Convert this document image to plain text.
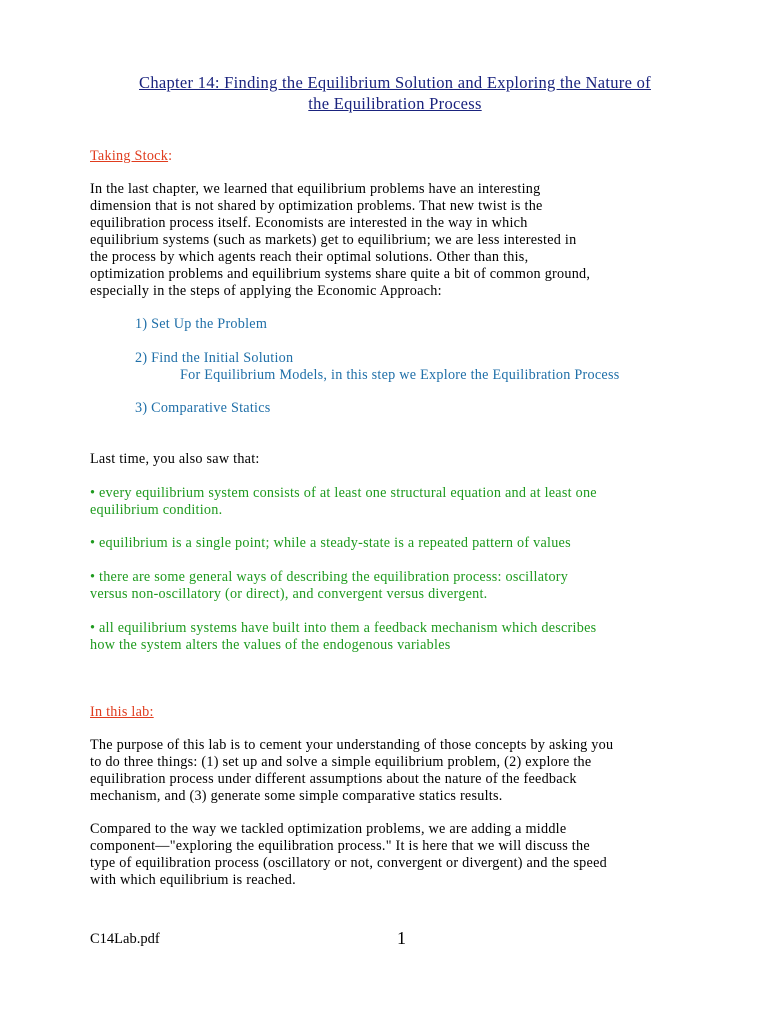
Chapter 14: Finding the Equilibrium Solution and Exploring the Nature of
the Equilibration Process
Taking Stock:
In the last chapter, we learned that equilibrium problems have an interesting
dimension that is not shared by optimization problems. That new twist is the
equilibration process itself. Economists are interested in the way in which
equilibrium systems (such as markets) get to equilibrium; we are less interested in
the process by which agents reach their optimal solutions. Other than this,
optimization problems and equilibrium systems share quite a bit of common ground,
especially in the steps of applying the Economic Approach:
1) Set Up the Problem
2) Find the Initial Solution
For Equilibrium Models, in this step we Explore the Equilibration Process
3) Comparative Statics
Last time, you also saw that:
• every equilibrium system consists of at least one structural equation and at least one
equilibrium condition.
• equilibrium is a single point; while a steady-state is a repeated pattern of values
• there are some general ways of describing the equilibration process: oscillatory
versus non-oscillatory (or direct), and convergent versus divergent.
• all equilibrium systems have built into them a feedback mechanism which describes
how the system alters the values of the endogenous variables
In this lab:
The purpose of this lab is to cement your understanding of those concepts by asking you
to do three things: (1) set up and solve a simple equilibrium problem, (2) explore the
equilibration process under different assumptions about the nature of the feedback
mechanism, and (3) generate some simple comparative statics results.
Compared to the way we tackled optimization problems, we are adding a middle
component—"exploring the equilibration process." It is here that we will discuss the
type of equilibration process (oscillatory or not, convergent or divergent) and the speed
with which equilibrium is reached.
C14Lab.pdf	1
